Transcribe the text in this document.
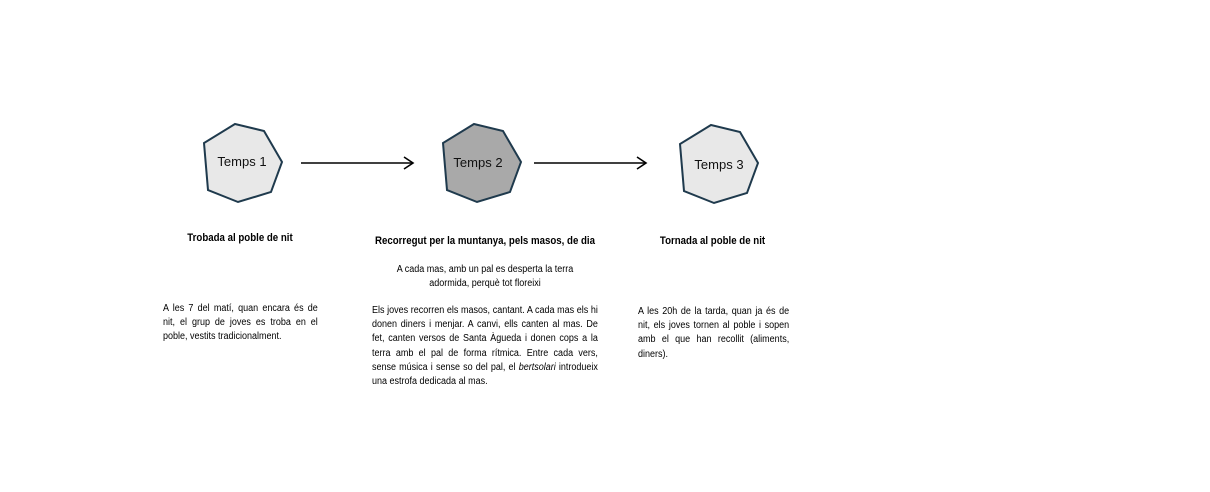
Temps 1	Temps 2	Temps 3
Trobada al poble de nit
A les 7 del matí, quan encara és de nit, el grup de joves es troba en el poble, vestits tradicionalment.
Recorregut per la muntanya, pels masos, de dia
A cada mas, amb un pal es desperta la terra adormida, perquè tot floreixi
Els joves recorren els masos, cantant. A cada mas els hi donen diners i menjar. A canvi, ells canten al mas. De fet, canten versos de Santa Àgueda i donen cops a la terra amb el pal de forma rítmica. Entre cada vers, sense música i sense so del pal, el bertsolari introdueix una estrofa dedicada al mas.
Tornada al poble de nit
A les 20h de la tarda, quan ja és de nit, els joves tornen al poble i sopen amb el que han recollit (aliments, diners).
